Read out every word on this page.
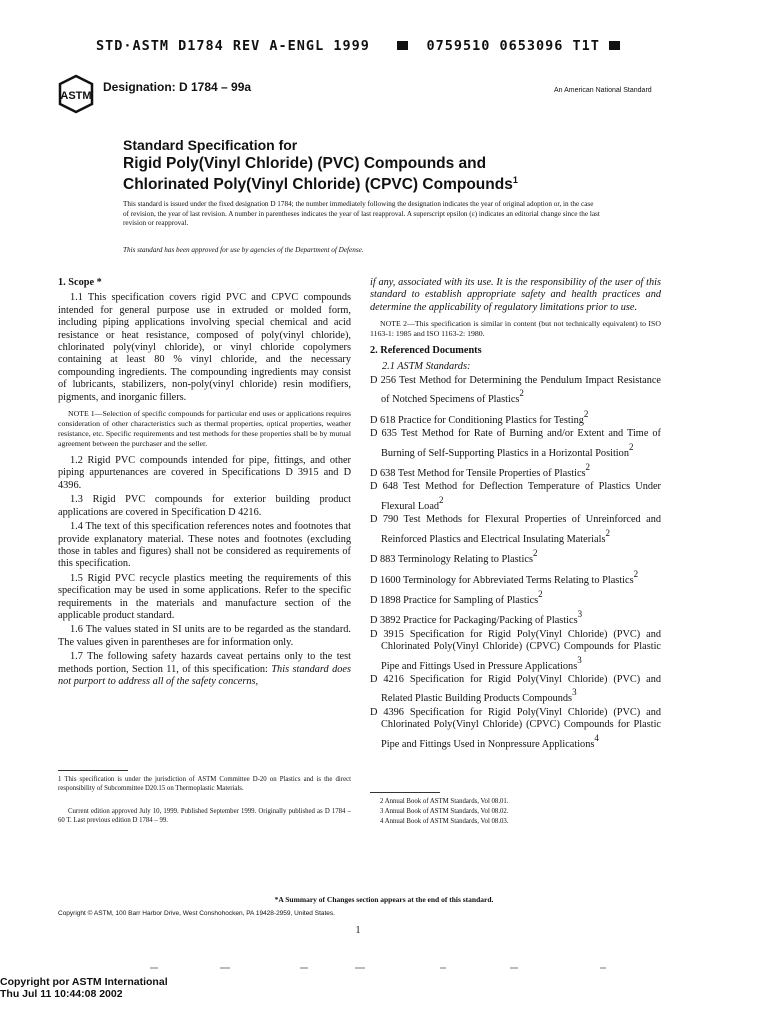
STD·ASTM D1784 REV A-ENGL 1999	0759510 0653096 T1T
ASTM
Designation: D 1784 – 99a	An American National Standard
Standard Specification for
Rigid Poly(Vinyl Chloride) (PVC) Compounds and
Chlorinated Poly(Vinyl Chloride) (CPVC) Compounds$^1$
This standard is issued under the fixed designation D 1784; the number immediately following the designation indicates the year of original adoption or, in the case of revision, the year of last revision. A number in parentheses indicates the year of last reapproval. A superscript epsilon (ε) indicates an editorial change since the last revision or reapproval.
This standard has been approved for use by agencies of the Department of Defense.
1. Scope *

1.1 This specification covers rigid PVC and CPVC compounds intended for general purpose use in extruded or molded form, including piping applications involving special chemical and acid resistance or heat resistance, composed of poly(vinyl chloride), chlorinated poly(vinyl chloride), or vinyl chloride copolymers containing at least 80 % vinyl chloride, and the necessary compounding ingredients. The compounding ingredients may consist of lubricants, stabilizers, non-poly(vinyl chloride) resin modifiers, pigments, and inorganic fillers.

NOTE 1—Selection of specific compounds for particular end uses or applications requires consideration of other characteristics such as thermal properties, optical properties, weather resistance, etc. Specific requirements and test methods for these properties shall be by mutual agreement between the purchaser and the seller.

1.2 Rigid PVC compounds intended for pipe, fittings, and other piping appurtenances are covered in Specifications D 3915 and D 4396.

1.3 Rigid PVC compounds for exterior building product applications are covered in Specification D 4216.

1.4 The text of this specification references notes and footnotes that provide explanatory material. These notes and footnotes (excluding those in tables and figures) shall not be considered as requirements of this specification.

1.5 Rigid PVC recycle plastics meeting the requirements of this specification may be used in some applications. Refer to the specific requirements in the materials and manufacture section of the applicable product standard.

1.6 The values stated in SI units are to be regarded as the standard. The values given in parentheses are for information only.

1.7 The following safety hazards caveat pertains only to the test methods portion, Section 11, of this specification: This standard does not purport to address all of the safety concerns,

if any, associated with its use. It is the responsibility of the user of this standard to establish appropriate safety and health practices and determine the applicability of regulatory limitations prior to use.

NOTE 2—This specification is similar in content (but not technically equivalent) to ISO 1163-1: 1985 and ISO 1163-2: 1980.

2. Referenced Documents
2.1 ASTM Standards:
D 256 Test Method for Determining the Pendulum Impact Resistance of Notched Specimens of Plastics2
D 618 Practice for Conditioning Plastics for Testing2
D 635 Test Method for Rate of Burning and/or Extent and Time of Burning of Self-Supporting Plastics in a Horizontal Position2
D 638 Test Method for Tensile Properties of Plastics2
D 648 Test Method for Deflection Temperature of Plastics Under Flexural Load2
D 790 Test Methods for Flexural Properties of Unreinforced and Reinforced Plastics and Electrical Insulating Materials2
D 883 Terminology Relating to Plastics2
D 1600 Terminology for Abbreviated Terms Relating to Plastics2
D 1898 Practice for Sampling of Plastics2
D 3892 Practice for Packaging/Packing of Plastics3
D 3915 Specification for Rigid Poly(Vinyl Chloride) (PVC) and Chlorinated Poly(Vinyl Chloride) (CPVC) Compounds for Plastic Pipe and Fittings Used in Pressure Applications3
D 4216 Specification for Rigid Poly(Vinyl Chloride) (PVC) and Related Plastic Building Products Compounds3
D 4396 Specification for Rigid Poly(Vinyl Chloride) (PVC) and Chlorinated Poly(Vinyl Chloride) (CPVC) Compounds for Plastic Pipe and Fittings Used in Nonpressure Applications4
1 This specification is under the jurisdiction of ASTM Committee D-20 on Plastics and is the direct responsibility of Subcommittee D20.15 on Thermoplastic Materials.
Current edition approved July 10, 1999. Published September 1999. Originally published as D 1784 – 60 T. Last previous edition D 1784 – 99.
2 Annual Book of ASTM Standards, Vol 08.01.
3 Annual Book of ASTM Standards, Vol 08.02.
4 Annual Book of ASTM Standards, Vol 08.03.
*A Summary of Changes section appears at the end of this standard.
Copyright © ASTM, 100 Barr Harbor Drive, West Conshohocken, PA 19428-2959, United States.
1
Copyright por ASTM International
Thu Jul 11 10:44:08 2002
